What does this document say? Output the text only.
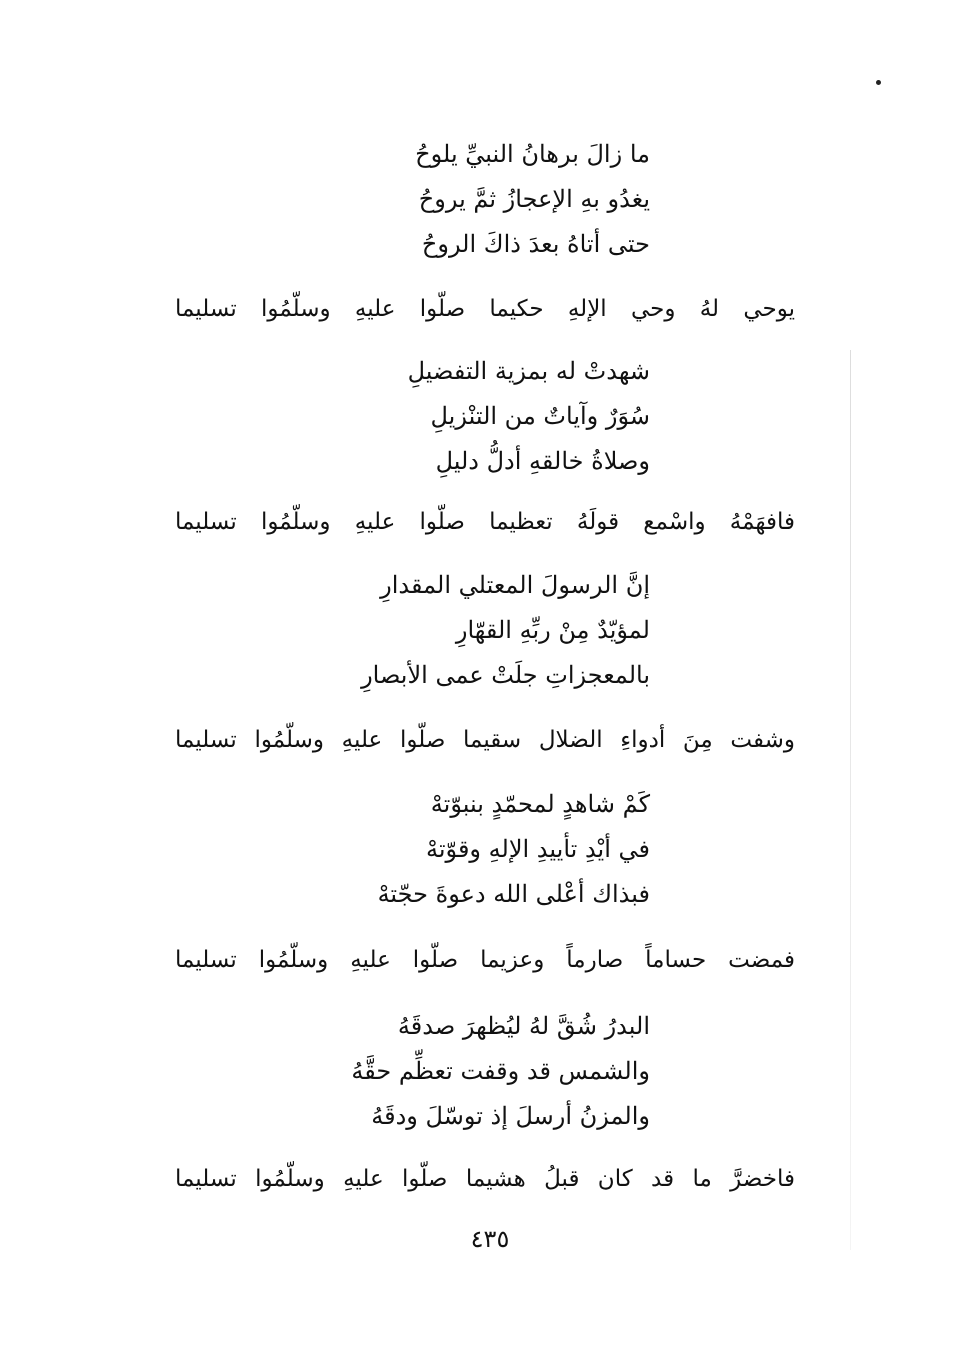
ما زالَ برهانُ النبيِّ يلوحُ
يغدُو بهِ الإعجازُ ثمَّ يروحُ
حتى أتاهُ بعدَ ذاكَ الروحُ
يوحي لهُ وحي الإلهِ حكيما صلّوا عليهِ وسلّمُوا تسليما
شهدتْ له بمزية التفضيلِ
سُوَرٌ وآياتٌ من التنْزيلِ
وصلاةُ خالقهِ أدلُّ دليلِ
فافهَمْهُ واسْمع قولَهُ تعظيما صلّوا عليهِ وسلّمُوا تسليما
إنَّ الرسولَ المعتلي المقدارِ
لمؤيّدٌ مِنْ ربِّهِ القهّارِ
بالمعجزاتِ جلَتْ عمى الأبصارِ
وشفت مِنَ أدواءِ الضلال سقيما صلّوا عليهِ وسلّمُوا تسليما
كَمْ شاهدٍ لمحمّدٍ بنبوّتهْ
في أيْدِ تأييدِ الإلهِ وقوّتهْ
فبذاك أعْلى الله دعوةَ حجّتهْ
فمضت حساماً صارماً وعزيما صلّوا عليهِ وسلّمُوا تسليما
البدرُ شُقَّ لهُ ليُظهرَ صدقَهُ
والشمس قد وقفت تعظِّم حقَّهُ
والمزنُ أرسلَ إذ توسّلَ ودقَهُ
فاخضرَّ ما قد كان قبلُ هشيما صلّوا عليهِ وسلّمُوا تسليما
٤٣٥
